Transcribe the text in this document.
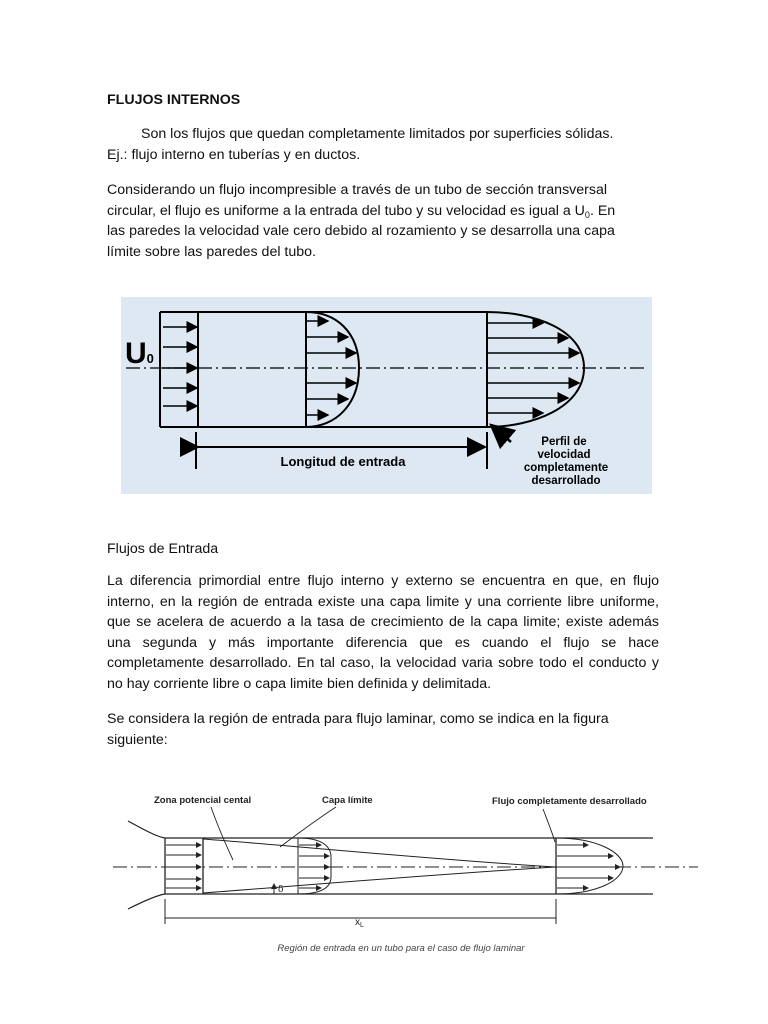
FLUJOS INTERNOS
Son los flujos que quedan completamente limitados por superficies sólidas.
Ej.: flujo interno en tuberías y en ductos.
Considerando un flujo incompresible a través de un tubo de sección transversal
circular, el flujo es uniforme a la entrada del tubo y su velocidad es igual a $U_0$. En
las paredes la velocidad vale cero debido al rozamiento y se desarrolla una capa
límite sobre las paredes del tubo.
U0
Longitud de entrada
Perfil de
velocidad
completamente
desarrollado
Flujos de Entrada
La diferencia primordial entre flujo interno y externo se encuentra en que, en flujo interno, en la región de entrada existe una capa limite y una corriente libre uniforme, que se acelera de acuerdo a la tasa de crecimiento de la capa limite; existe además una segunda y más importante diferencia que es cuando el flujo se hace completamente desarrollado. En tal caso, la velocidad varia sobre todo el conducto y no hay corriente libre o capa limite bien definida y delimitada.
Se considera la región de entrada para flujo laminar, como se indica en la figura
siguiente:
Zona potencial cental	Capa límite	Flujo completamente desarrollado
δ
$x_L$
Región de entrada en un tubo para el caso de flujo laminar
